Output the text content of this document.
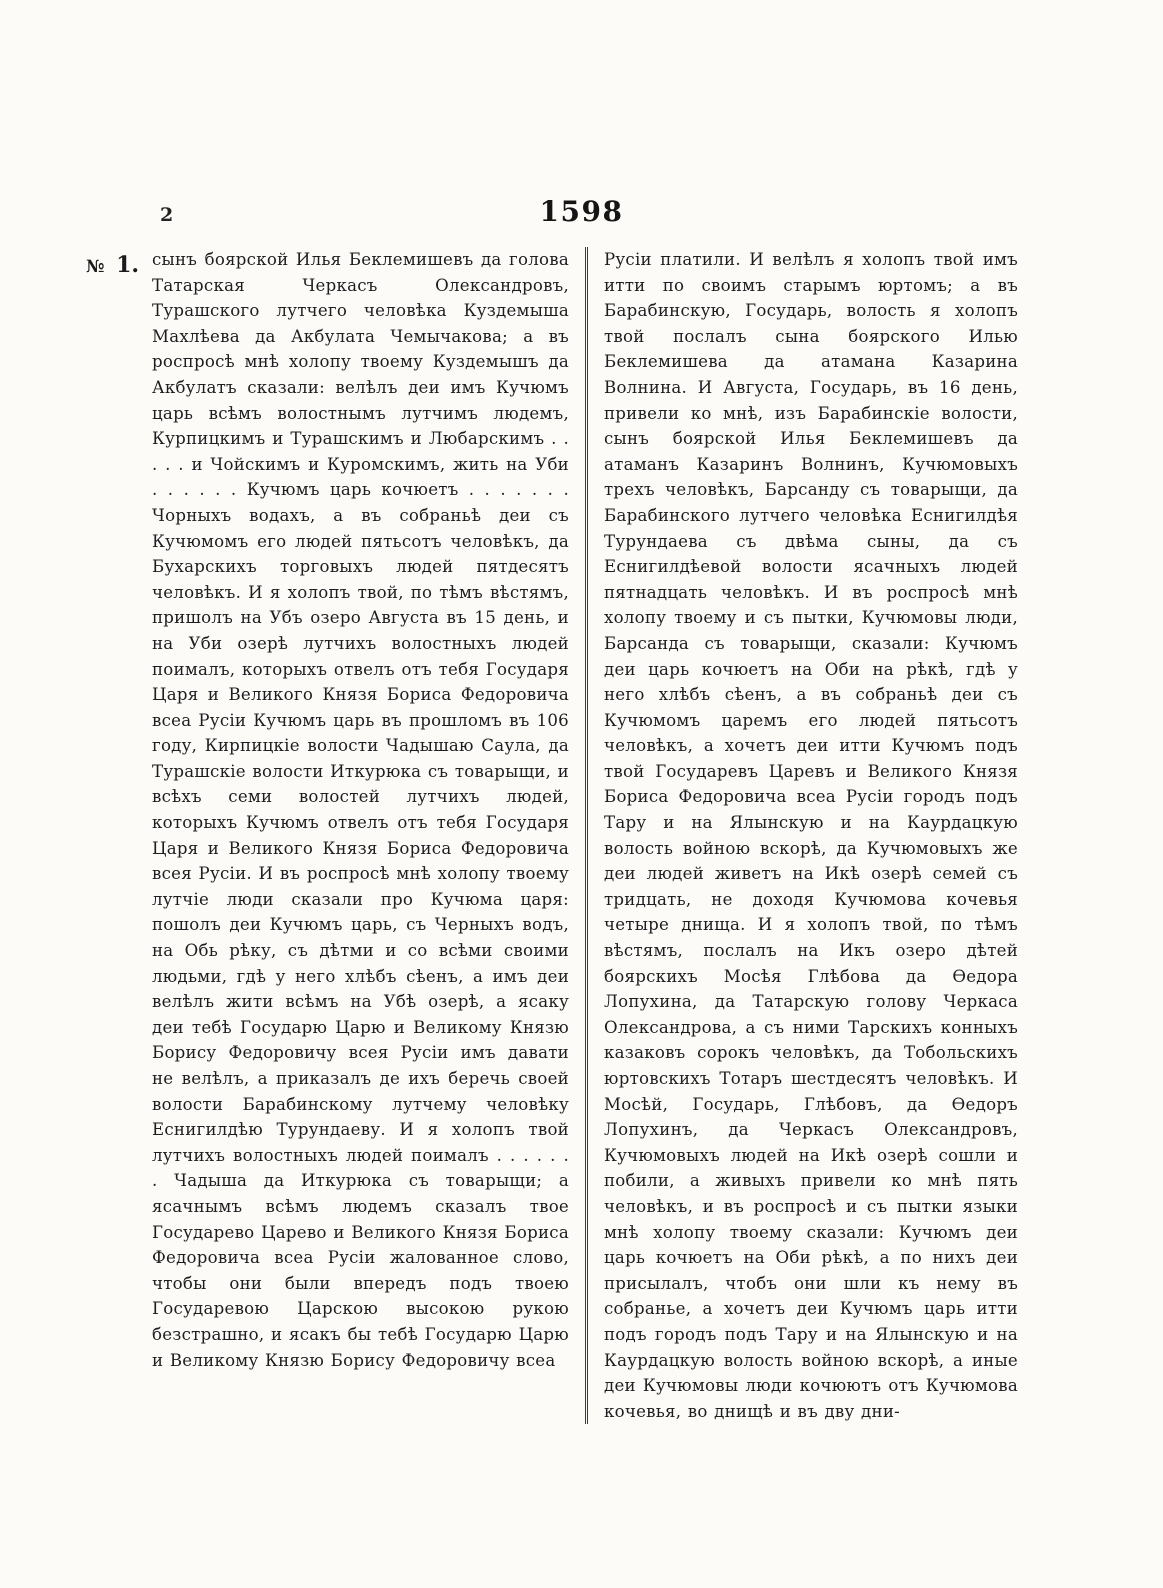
2	1598
№ 1. сынъ боярской Илья Беклемишевъ да голова Татарская Черкасъ Олександровъ, Турашского лутчего человѣка Куздемыша Махлѣева да Акбулата Чемычакова; а въ роспросѣ мнѣ холопу твоему Куздемышъ да Акбулатъ сказали: велѣлъ деи имъ Кучюмъ царь всѣмъ волостнымъ лутчимъ людемъ, Курпицкимъ и Турашскимъ и Любарскимъ . . . . . и Чойскимъ и Куромскимъ, жить на Уби . . . . . . Кучюмъ царь кочюетъ . . . . . . . Чорныхъ водахъ, а въ собраньѣ деи съ Кучюмомъ его людей пятьсотъ человѣкъ, да Бухарскихъ торговыхъ людей пятдесятъ человѣкъ. И я холопъ твой, по тѣмъ вѣстямъ, пришолъ на Убъ озеро Августа въ 15 день, и на Уби озерѣ лутчихъ волостныхъ людей поималъ, которыхъ отвелъ отъ тебя Государя Царя и Великого Князя Бориса Федоровича всеа Русіи Кучюмъ царь въ прошломъ въ 106 году, Кирпицкіе волости Чадышаю Саула, да Турашскіе волости Иткурюка съ товарыщи, и всѣхъ семи волостей лутчихъ людей, которыхъ Кучюмъ отвелъ отъ тебя Государя Царя и Великого Князя Бориса Федоровича всея Русіи. И въ роспросѣ мнѣ холопу твоему лутчіе люди сказали про Кучюма царя: пошолъ деи Кучюмъ царь, съ Черныхъ водъ, на Обь рѣку, съ дѣтми и со всѣми своими людьми, гдѣ у него хлѣбъ сѣенъ, а имъ деи велѣлъ жити всѣмъ на Убѣ озерѣ, а ясаку деи тебѣ Государю Царю и Великому Князю Борису Федоровичу всея Русіи имъ давати не велѣлъ, а приказалъ де ихъ беречь своей волости Барабинскому лутчему человѣку Еснигилдѣю Турундаеву. И я холопъ твой лутчихъ волостныхъ людей поималъ . . . . . . . Чадыша да Иткурюка съ товарыщи; а ясачнымъ всѣмъ людемъ сказалъ твое Государево Царево и Великого Князя Бориса Федоровича всеа Русіи жалованное слово, чтобы они были впередъ подъ твоею Государевою Царскою высокою рукою безстрашно, и ясакъ бы тебѣ Государю Царю и Великому Князю Борису Федоровичу всеа
Русіи платили. И велѣлъ я холопъ твой имъ итти по своимъ старымъ юртомъ; а въ Барабинскую, Государь, волость я холопъ твой послалъ сына боярского Илью Беклемишева да атамана Казарина Волнина. И Августа, Государь, въ 16 день, привели ко мнѣ, изъ Барабинскіе волости, сынъ боярской Илья Беклемишевъ да атаманъ Казаринъ Волнинъ, Кучюмовыхъ трехъ человѣкъ, Барсанду съ товарыщи, да Барабинского лутчего человѣка Еснигилдѣя Турундаева съ двѣма сыны, да съ Еснигилдѣевой волости ясачныхъ людей пятнадцать человѣкъ. И въ роспросѣ мнѣ холопу твоему и съ пытки, Кучюмовы люди, Барсанда съ товарыщи, сказали: Кучюмъ деи царь кочюетъ на Оби на рѣкѣ, гдѣ у него хлѣбъ сѣенъ, а въ собраньѣ деи съ Кучюмомъ царемъ его людей пятьсотъ человѣкъ, а хочетъ деи итти Кучюмъ подъ твой Государевъ Царевъ и Великого Князя Бориса Федоровича всеа Русіи городъ подъ Тару и на Ялынскую и на Каурдацкую волость войною вскорѣ, да Кучюмовыхъ же деи людей живетъ на Икѣ озерѣ семей съ тридцать, не доходя Кучюмова кочевья четыре днища. И я холопъ твой, по тѣмъ вѣстямъ, послалъ на Икъ озеро дѣтей боярскихъ Мосѣя Глѣбова да Ѳедора Лопухина, да Татарскую голову Черкаса Олександрова, а съ ними Тарскихъ конныхъ казаковъ сорокъ человѣкъ, да Тобольскихъ юртовскихъ Тотаръ шестдесятъ человѣкъ. И Мосѣй, Государь, Глѣбовъ, да Ѳедоръ Лопухинъ, да Черкасъ Олександровъ, Кучюмовыхъ людей на Икѣ озерѣ сошли и побили, а живыхъ привели ко мнѣ пять человѣкъ, и въ роспросѣ и съ пытки языки мнѣ холопу твоему сказали: Кучюмъ деи царь кочюетъ на Оби рѣкѣ, а по нихъ деи присылалъ, чтобъ они шли къ нему въ собранье, а хочетъ деи Кучюмъ царь итти подъ городъ подъ Тару и на Ялынскую и на Каурдацкую волость войною вскорѣ, а иные деи Кучюмовы люди кочюютъ отъ Кучюмова кочевья, во днищѣ и въ дву дни-
